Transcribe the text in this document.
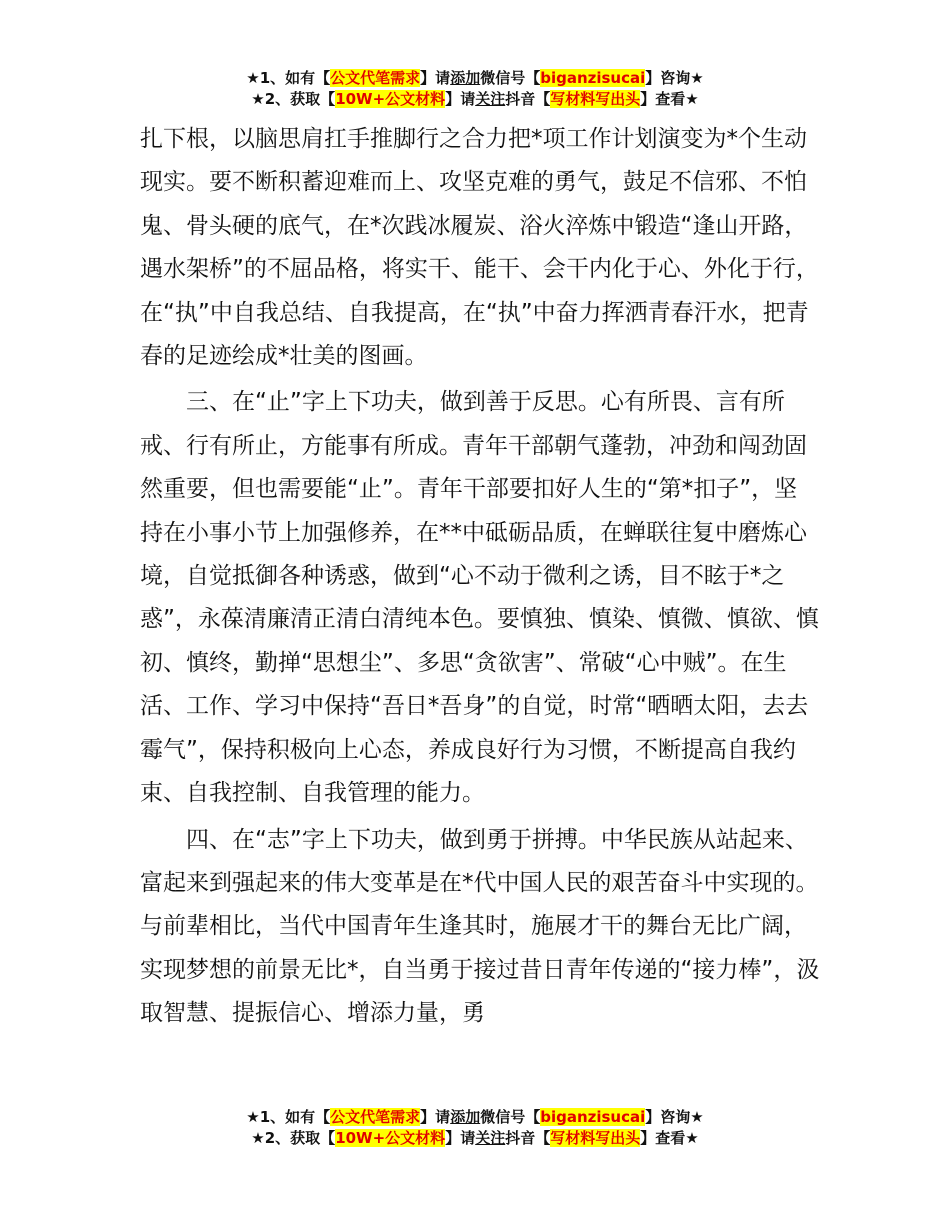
★1、如有【公文代笔需求】请添加微信号【biganzisucai】咨询★
★2、获取【10W+公文材料】请关注抖音【写材料写出头】查看★

扎下根，以脑思肩扛手推脚行之合力把*项工作计划演变为*个生动现实。要不断积蓄迎难而上、攻坚克难的勇气，鼓足不信邪、不怕鬼、骨头硬的底气，在*次践冰履炭、浴火淬炼中锻造“逢山开路，遇水架桥”的不屈品格，将实干、能干、会干内化于心、外化于行，在“执”中自我总结、自我提高，在“执”中奋力挥洒青春汗水，把青春的足迹绘成*壮美的图画。

三、在“止”字上下功夫，做到善于反思。心有所畏、言有所戒、行有所止，方能事有所成。青年干部朝气蓬勃，冲劲和闯劲固然重要，但也需要能“止”。青年干部要扣好人生的“第*扣子”，坚持在小事小节上加强修养，在**中砥砺品质，在蝉联往复中磨炼心境，自觉抵御各种诱惑，做到“心不动于微利之诱，目不眩于*之惑”，永葆清廉清正清白清纯本色。要慎独、慎染、慎微、慎欲、慎初、慎终，勤掸“思想尘”、多思“贪欲害”、常破“心中贼”。在生活、工作、学习中保持“吾日*吾身”的自觉，时常“晒晒太阳，去去霉气”，保持积极向上心态，养成良好行为习惯，不断提高自我约束、自我控制、自我管理的能力。

四、在“志”字上下功夫，做到勇于拼搏。中华民族从站起来、富起来到强起来的伟大变革是在*代中国人民的艰苦奋斗中实现的。与前辈相比，当代中国青年生逢其时，施展才干的舞台无比广阔，实现梦想的前景无比*，自当勇于接过昔日青年传递的“接力棒”，汲取智慧、提振信心、增添力量，勇

★1、如有【公文代笔需求】请添加微信号【biganzisucai】咨询★
★2、获取【10W+公文材料】请关注抖音【写材料写出头】查看★
